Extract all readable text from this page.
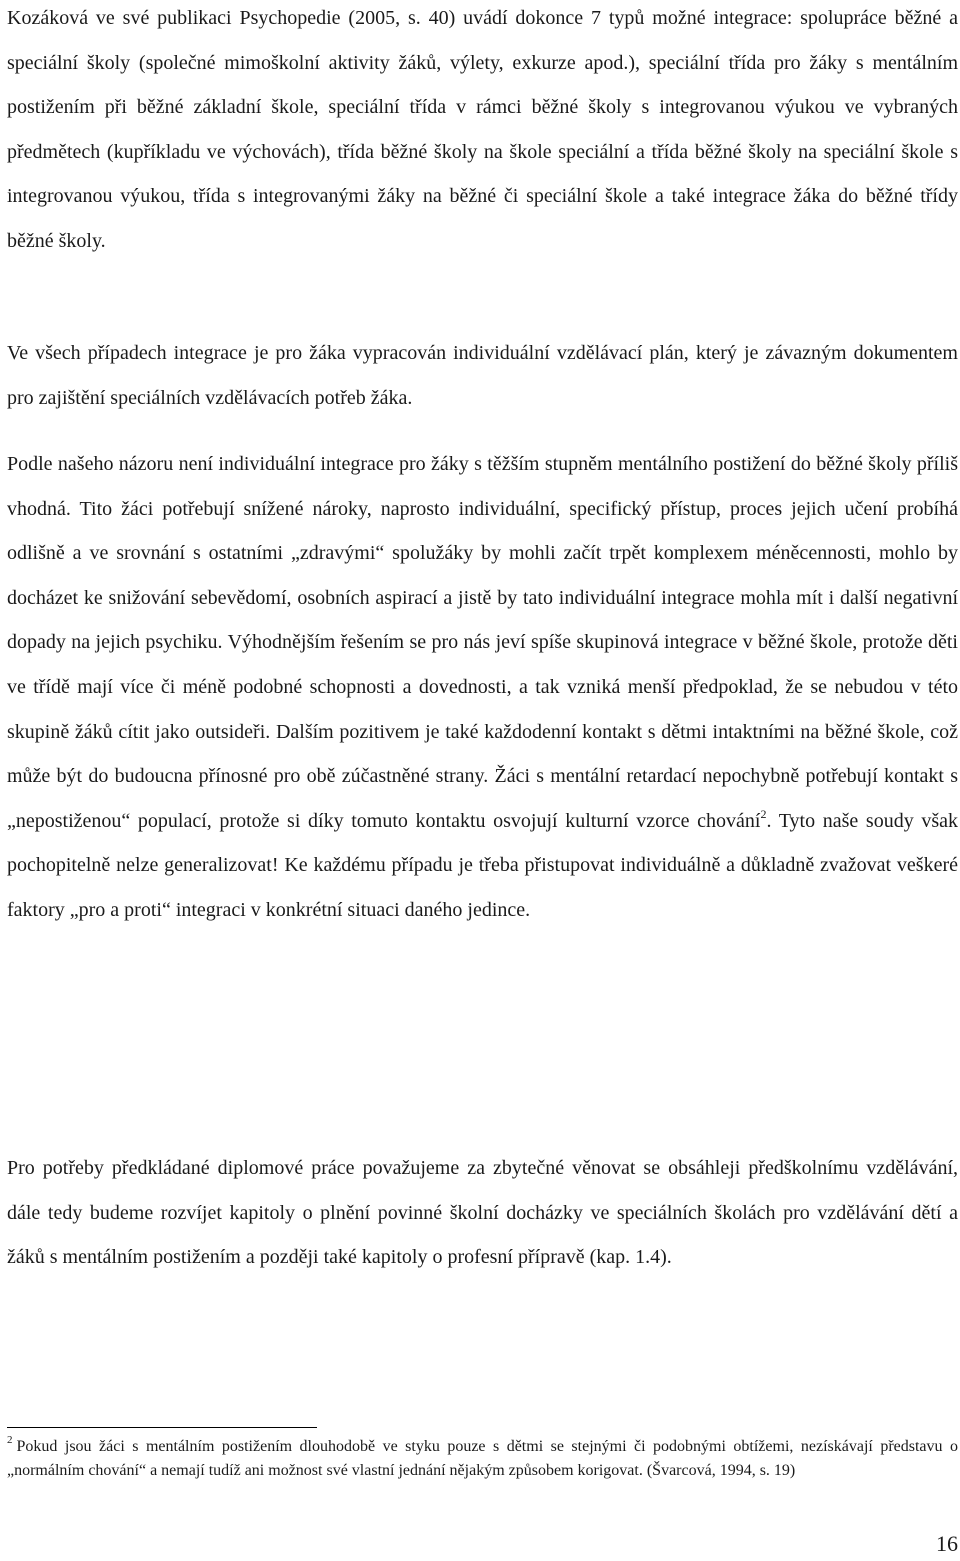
Kozáková ve své publikaci Psychopedie (2005, s. 40) uvádí dokonce 7 typů možné integrace: spolupráce běžné a speciální školy (společné mimoškolní aktivity žáků, výlety, exkurze apod.), speciální třída pro žáky s mentálním postižením při běžné základní škole, speciální třída v rámci běžné školy s integrovanou výukou ve vybraných předmětech (kupříkladu ve výchovách), třída běžné školy na škole speciální a třída běžné školy na speciální škole s integrovanou výukou, třída s integrovanými žáky na běžné či speciální škole a také integrace žáka do běžné třídy běžné školy.

Ve všech případech integrace je pro žáka vypracován individuální vzdělávací plán, který je závazným dokumentem pro zajištění speciálních vzdělávacích potřeb žáka.

Podle našeho názoru není individuální integrace pro žáky s těžším stupněm mentálního postižení do běžné školy příliš vhodná. Tito žáci potřebují snížené nároky, naprosto individuální, specifický přístup, proces jejich učení probíhá odlišně a ve srovnání s ostatními „zdravými“ spolužáky by mohli začít trpět komplexem méněcennosti, mohlo by docházet ke snižování sebevědomí, osobních aspirací a jistě by tato individuální integrace mohla mít i další negativní dopady na jejich psychiku. Výhodnějším řešením se pro nás jeví spíše skupinová integrace v běžné škole, protože děti ve třídě mají více či méně podobné schopnosti a dovednosti, a tak vzniká menší předpoklad, že se nebudou v této skupině žáků cítit jako outsideři. Dalším pozitivem je také každodenní kontakt s dětmi intaktními na běžné škole, což může být do budoucna přínosné pro obě zúčastněné strany. Žáci s mentální retardací nepochybně potřebují kontakt s „nepostiženou“ populací, protože si díky tomuto kontaktu osvojují kulturní vzorce chování$^2$. Tyto naše soudy však pochopitelně nelze generalizovat! Ke každému případu je třeba přistupovat individuálně a důkladně zvažovat veškeré faktory „pro a proti“ integraci v konkrétní situaci daného jedince.

Pro potřeby předkládané diplomové práce považujeme za zbytečné věnovat se obsáhleji předškolnímu vzdělávání, dále tedy budeme rozvíjet kapitoly o plnění povinné školní docházky ve speciálních školách pro vzdělávání dětí a žáků s mentálním postižením a později také kapitoly o profesní přípravě (kap. 1.4).

$^2$ Pokud jsou žáci s mentálním postižením dlouhodobě ve styku pouze s dětmi se stejnými či podobnými obtížemi, nezískávají představu o „normálním chování“ a nemají tudíž ani možnost své vlastní jednání nějakým způsobem korigovat. (Švarcová, 1994, s. 19)

16
